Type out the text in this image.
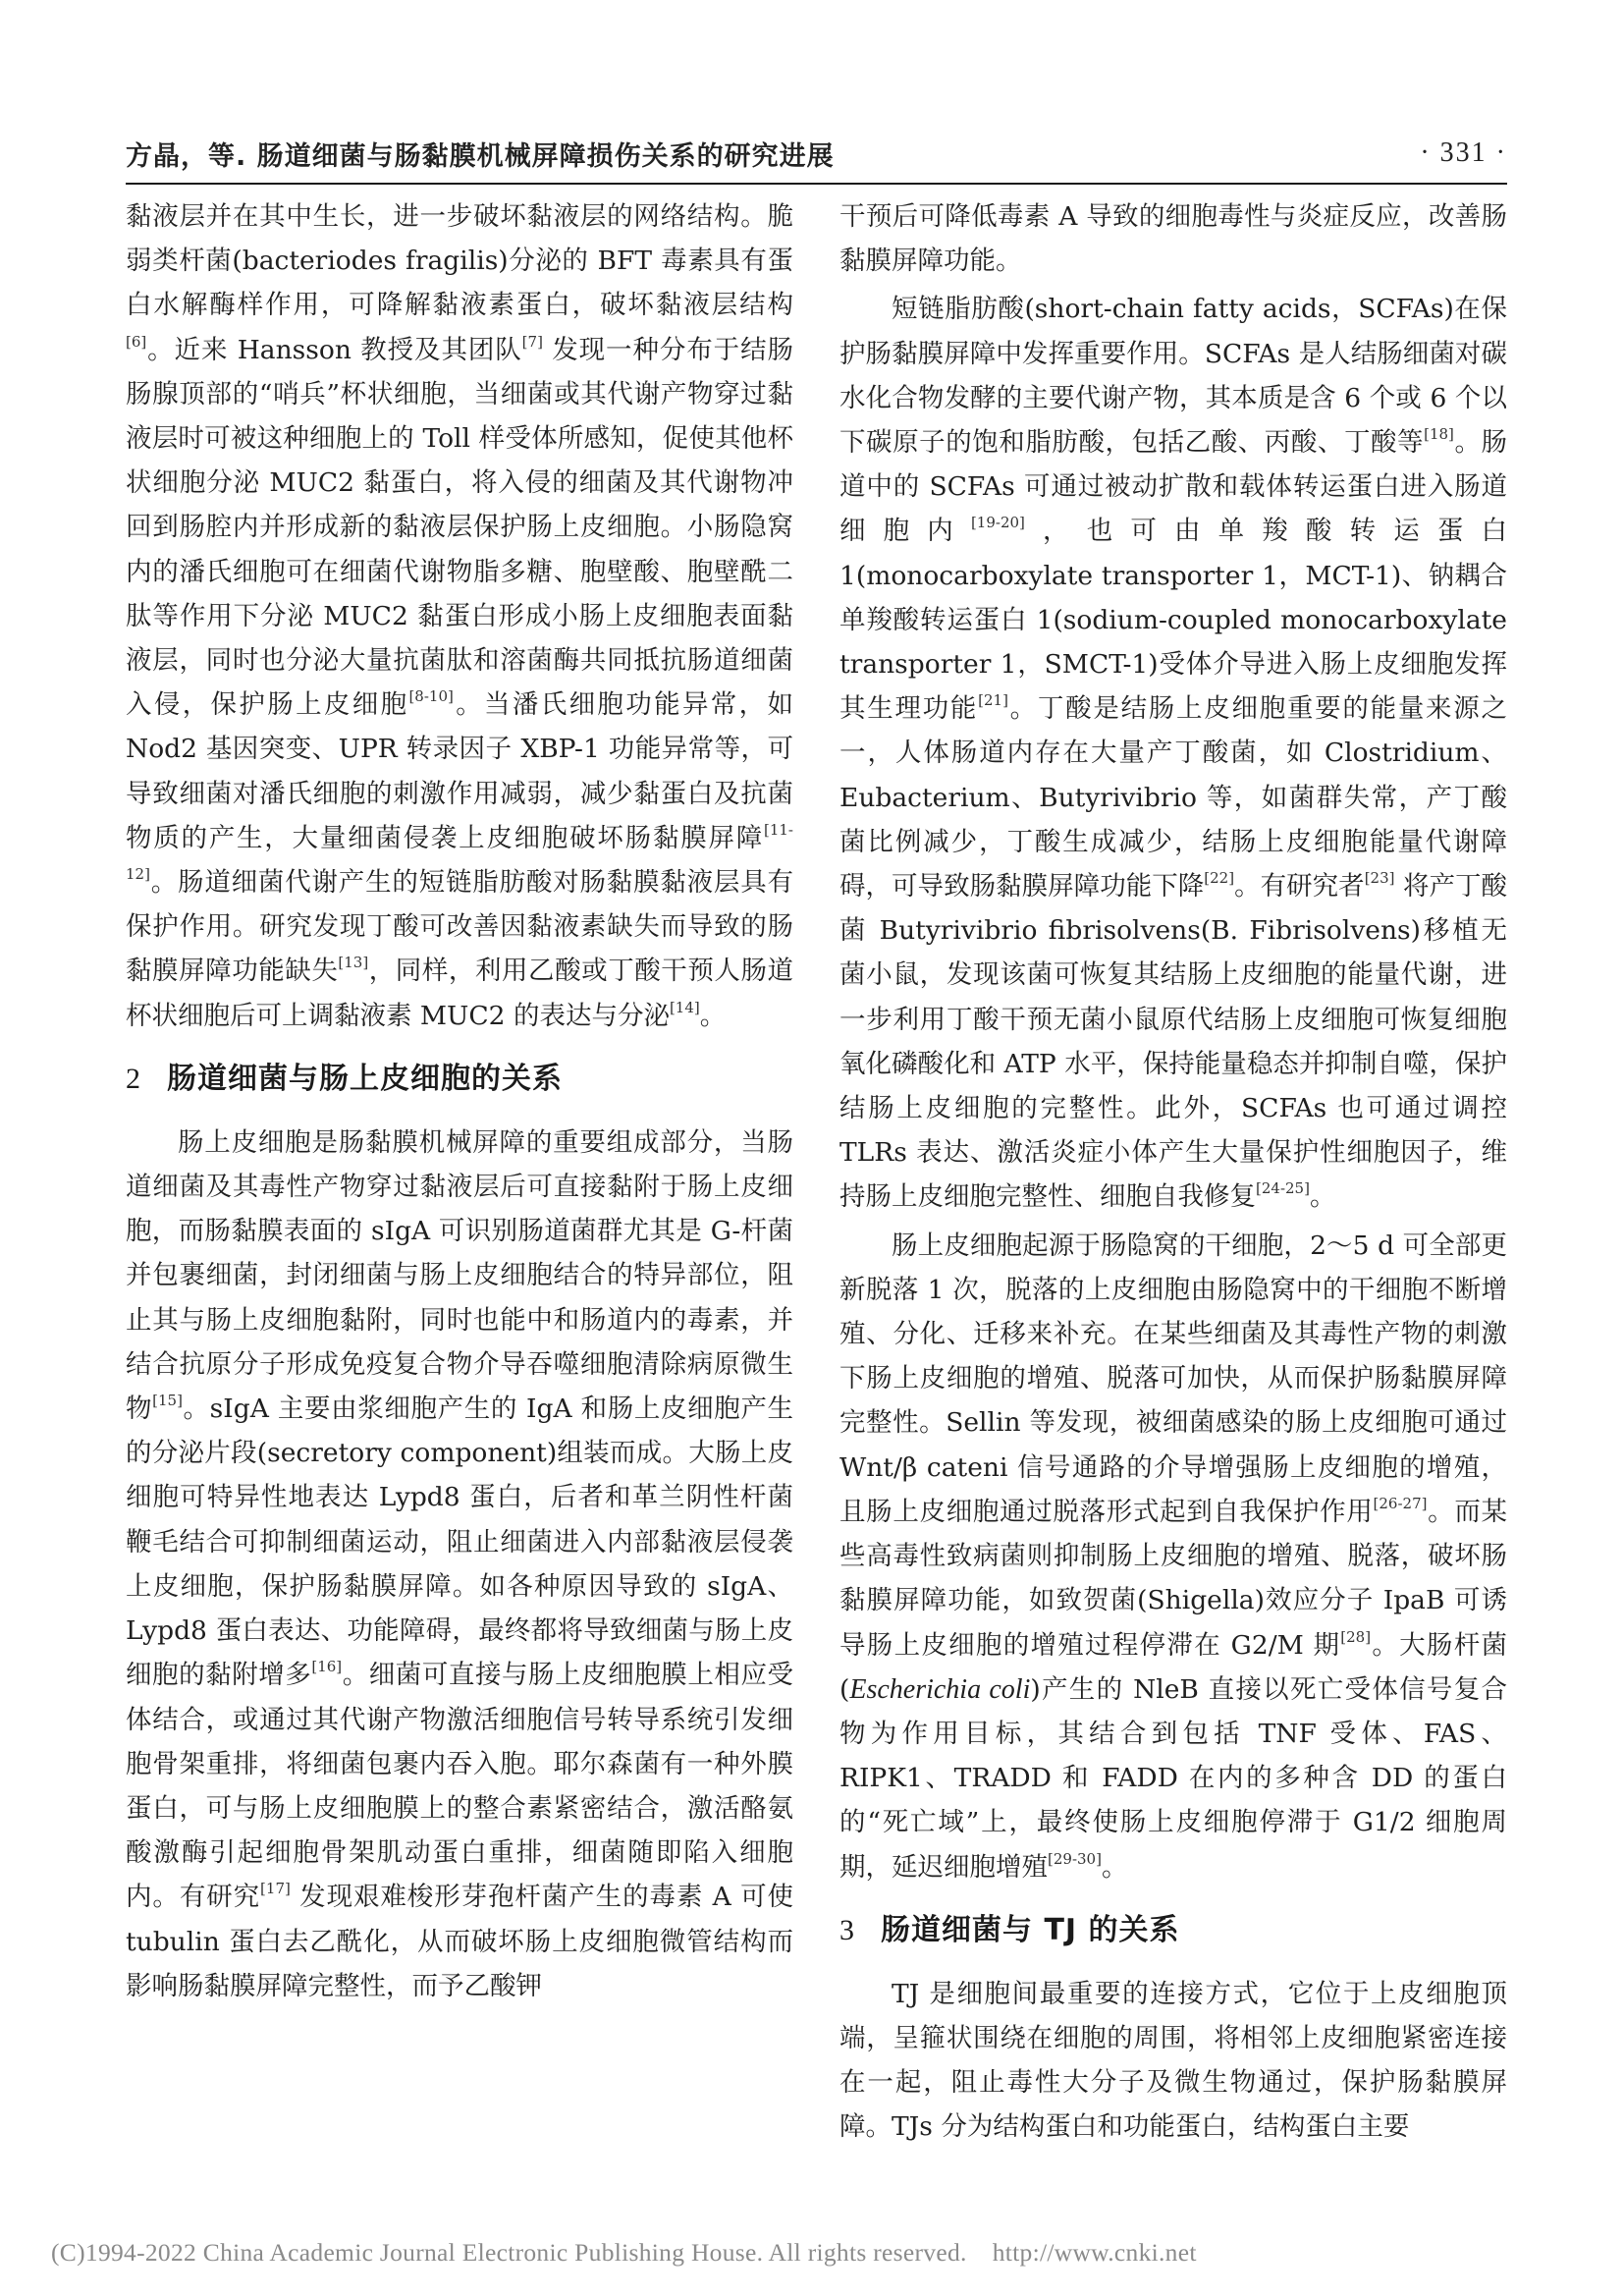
方晶，等. 肠道细菌与肠黏膜机械屏障损伤关系的研究进展	· 331 ·

黏液层并在其中生长，进一步破坏黏液层的网络结构。脆弱类杆菌(bacteriodes fragilis)分泌的 BFT 毒素具有蛋白水解酶样作用，可降解黏液素蛋白，破坏黏液层结构[6]。近来 Hansson 教授及其团队[7] 发现一种分布于结肠肠腺顶部的“哨兵”杯状细胞，当细菌或其代谢产物穿过黏液层时可被这种细胞上的 Toll 样受体所感知，促使其他杯状细胞分泌 MUC2 黏蛋白，将入侵的细菌及其代谢物冲回到肠腔内并形成新的黏液层保护肠上皮细胞。小肠隐窝内的潘氏细胞可在细菌代谢物脂多糖、胞壁酸、胞壁酰二肽等作用下分泌 MUC2 黏蛋白形成小肠上皮细胞表面黏液层，同时也分泌大量抗菌肽和溶菌酶共同抵抗肠道细菌入侵，保护肠上皮细胞[8-10]。当潘氏细胞功能异常，如 Nod2 基因突变、UPR 转录因子 XBP-1 功能异常等，可导致细菌对潘氏细胞的刺激作用减弱，减少黏蛋白及抗菌物质的产生，大量细菌侵袭上皮细胞破坏肠黏膜屏障[11-12]。肠道细菌代谢产生的短链脂肪酸对肠黏膜黏液层具有保护作用。研究发现丁酸可改善因黏液素缺失而导致的肠黏膜屏障功能缺失[13]，同样，利用乙酸或丁酸干预人肠道杯状细胞后可上调黏液素 MUC2 的表达与分泌[14]。

2 肠道细菌与肠上皮细胞的关系

肠上皮细胞是肠黏膜机械屏障的重要组成部分，当肠道细菌及其毒性产物穿过黏液层后可直接黏附于肠上皮细胞，而肠黏膜表面的 sIgA 可识别肠道菌群尤其是 G-杆菌并包裹细菌，封闭细菌与肠上皮细胞结合的特异部位，阻止其与肠上皮细胞黏附，同时也能中和肠道内的毒素，并结合抗原分子形成免疫复合物介导吞噬细胞清除病原微生物[15]。sIgA 主要由浆细胞产生的 IgA 和肠上皮细胞产生的分泌片段(secretory component)组装而成。大肠上皮细胞可特异性地表达 Lypd8 蛋白，后者和革兰阴性杆菌鞭毛结合可抑制细菌运动，阻止细菌进入内部黏液层侵袭上皮细胞，保护肠黏膜屏障。如各种原因导致的 sIgA、Lypd8 蛋白表达、功能障碍，最终都将导致细菌与肠上皮细胞的黏附增多[16]。细菌可直接与肠上皮细胞膜上相应受体结合，或通过其代谢产物激活细胞信号转导系统引发细胞骨架重排，将细菌包裹内吞入胞。耶尔森菌有一种外膜蛋白，可与肠上皮细胞膜上的整合素紧密结合，激活酪氨酸激酶引起细胞骨架肌动蛋白重排，细菌随即陷入细胞内。有研究[17] 发现艰难梭形芽孢杆菌产生的毒素 A 可使 tubulin 蛋白去乙酰化，从而破坏肠上皮细胞微管结构而影响肠黏膜屏障完整性，而予乙酸钾

干预后可降低毒素 A 导致的细胞毒性与炎症反应，改善肠黏膜屏障功能。

短链脂肪酸(short-chain fatty acids，SCFAs)在保护肠黏膜屏障中发挥重要作用。SCFAs 是人结肠细菌对碳水化合物发酵的主要代谢产物，其本质是含 6 个或 6 个以下碳原子的饱和脂肪酸，包括乙酸、丙酸、丁酸等[18]。肠道中的 SCFAs 可通过被动扩散和载体转运蛋白进入肠道细胞内[19-20]，也可由单羧酸转运蛋白 1(monocarboxylate transporter 1，MCT-1)、钠耦合单羧酸转运蛋白 1(sodium-coupled monocarboxylate transporter 1，SMCT-1)受体介导进入肠上皮细胞发挥其生理功能[21]。丁酸是结肠上皮细胞重要的能量来源之一，人体肠道内存在大量产丁酸菌，如 Clostridium、Eubacterium、Butyrivibrio 等，如菌群失常，产丁酸菌比例减少，丁酸生成减少，结肠上皮细胞能量代谢障碍，可导致肠黏膜屏障功能下降[22]。有研究者[23] 将产丁酸菌 Butyrivibrio fibrisolvens(B. Fibrisolvens)移植无菌小鼠，发现该菌可恢复其结肠上皮细胞的能量代谢，进一步利用丁酸干预无菌小鼠原代结肠上皮细胞可恢复细胞氧化磷酸化和 ATP 水平，保持能量稳态并抑制自噬，保护结肠上皮细胞的完整性。此外，SCFAs 也可通过调控 TLRs 表达、激活炎症小体产生大量保护性细胞因子，维持肠上皮细胞完整性、细胞自我修复[24-25]。

肠上皮细胞起源于肠隐窝的干细胞，2～5 d 可全部更新脱落 1 次，脱落的上皮细胞由肠隐窝中的干细胞不断增殖、分化、迁移来补充。在某些细菌及其毒性产物的刺激下肠上皮细胞的增殖、脱落可加快，从而保护肠黏膜屏障完整性。Sellin 等发现，被细菌感染的肠上皮细胞可通过 Wnt/β cateni 信号通路的介导增强肠上皮细胞的增殖，且肠上皮细胞通过脱落形式起到自我保护作用[26-27]。而某些高毒性致病菌则抑制肠上皮细胞的增殖、脱落，破坏肠黏膜屏障功能，如致贺菌(Shigella)效应分子 IpaB 可诱导肠上皮细胞的增殖过程停滞在 G2/M 期[28]。大肠杆菌(Escherichia coli)产生的 NleB 直接以死亡受体信号复合物为作用目标，其结合到包括 TNF 受体、FAS、RIPK1、TRADD 和 FADD 在内的多种含 DD 的蛋白的“死亡域”上，最终使肠上皮细胞停滞于 G1/2 细胞周期，延迟细胞增殖[29-30]。

3 肠道细菌与 TJ 的关系

TJ 是细胞间最重要的连接方式，它位于上皮细胞顶端，呈箍状围绕在细胞的周围，将相邻上皮细胞紧密连接在一起，阻止毒性大分子及微生物通过，保护肠黏膜屏障。TJs 分为结构蛋白和功能蛋白，结构蛋白主要

(C)1994-2022 China Academic Journal Electronic Publishing House. All rights reserved. http://www.cnki.net
